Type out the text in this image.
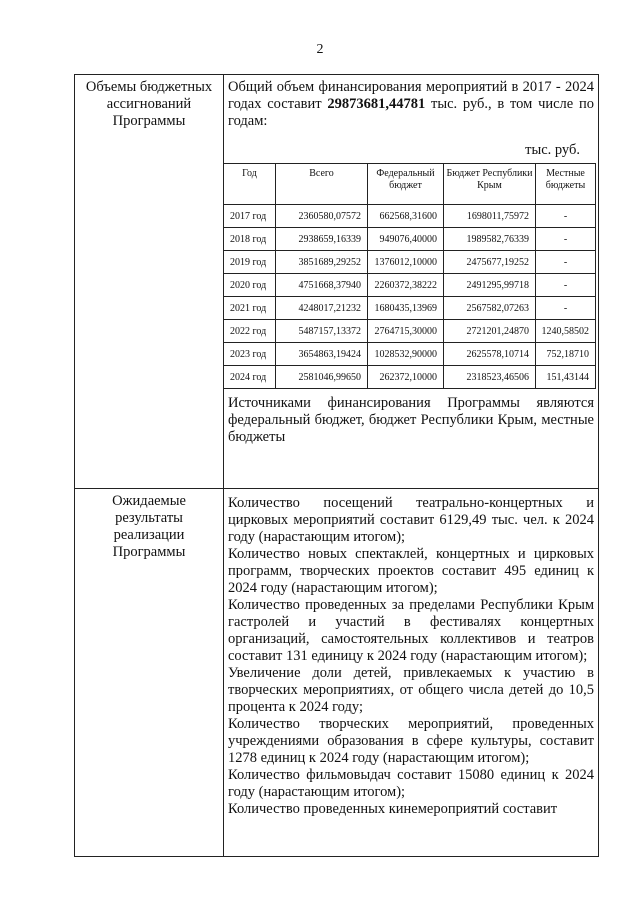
2
Объемы бюджетных ассигнований Программы

Общий объем финансирования мероприятий в 2017 - 2024 годах составит 29873681,44781 тыс. руб., в том числе по годам:
тыс. руб.
Год	Всего	Федеральный бюджет	Бюджет Республики Крым	Местные бюджеты
2017 год	2360580,07572	662568,31600	1698011,75972	-
2018 год	2938659,16339	949076,40000	1989582,76339	-
2019 год	3851689,29252	1376012,10000	2475677,19252	-
2020 год	4751668,37940	2260372,38222	2491295,99718	-
2021 год	4248017,21232	1680435,13969	2567582,07263	-
2022 год	5487157,13372	2764715,30000	2721201,24870	1240,58502
2023 год	3654863,19424	1028532,90000	2625578,10714	752,18710
2024 год	2581046,99650	262372,10000	2318523,46506	151,43144
Источниками финансирования Программы являются федеральный бюджет, бюджет Республики Крым, местные бюджеты

Ожидаемые результаты реализации Программы

Количество посещений театрально-концертных и цирковых мероприятий составит 6129,49 тыс. чел. к 2024 году (нарастающим итогом);

Количество новых спектаклей, концертных и цирковых программ, творческих проектов составит 495 единиц к 2024 году (нарастающим итогом);

Количество проведенных за пределами Республики Крым гастролей и участий в фестивалях концертных организаций, самостоятельных коллективов и театров составит 131 единицу к 2024 году (нарастающим итогом);

Увеличение доли детей, привлекаемых к участию в творческих мероприятиях, от общего числа детей до 10,5 процента к 2024 году;

Количество творческих мероприятий, проведенных учреждениями образования в сфере культуры, составит 1278 единиц к 2024 году (нарастающим итогом);

Количество фильмовыдач составит 15080 единиц к 2024 году (нарастающим итогом);

Количество проведенных кинемероприятий составит
